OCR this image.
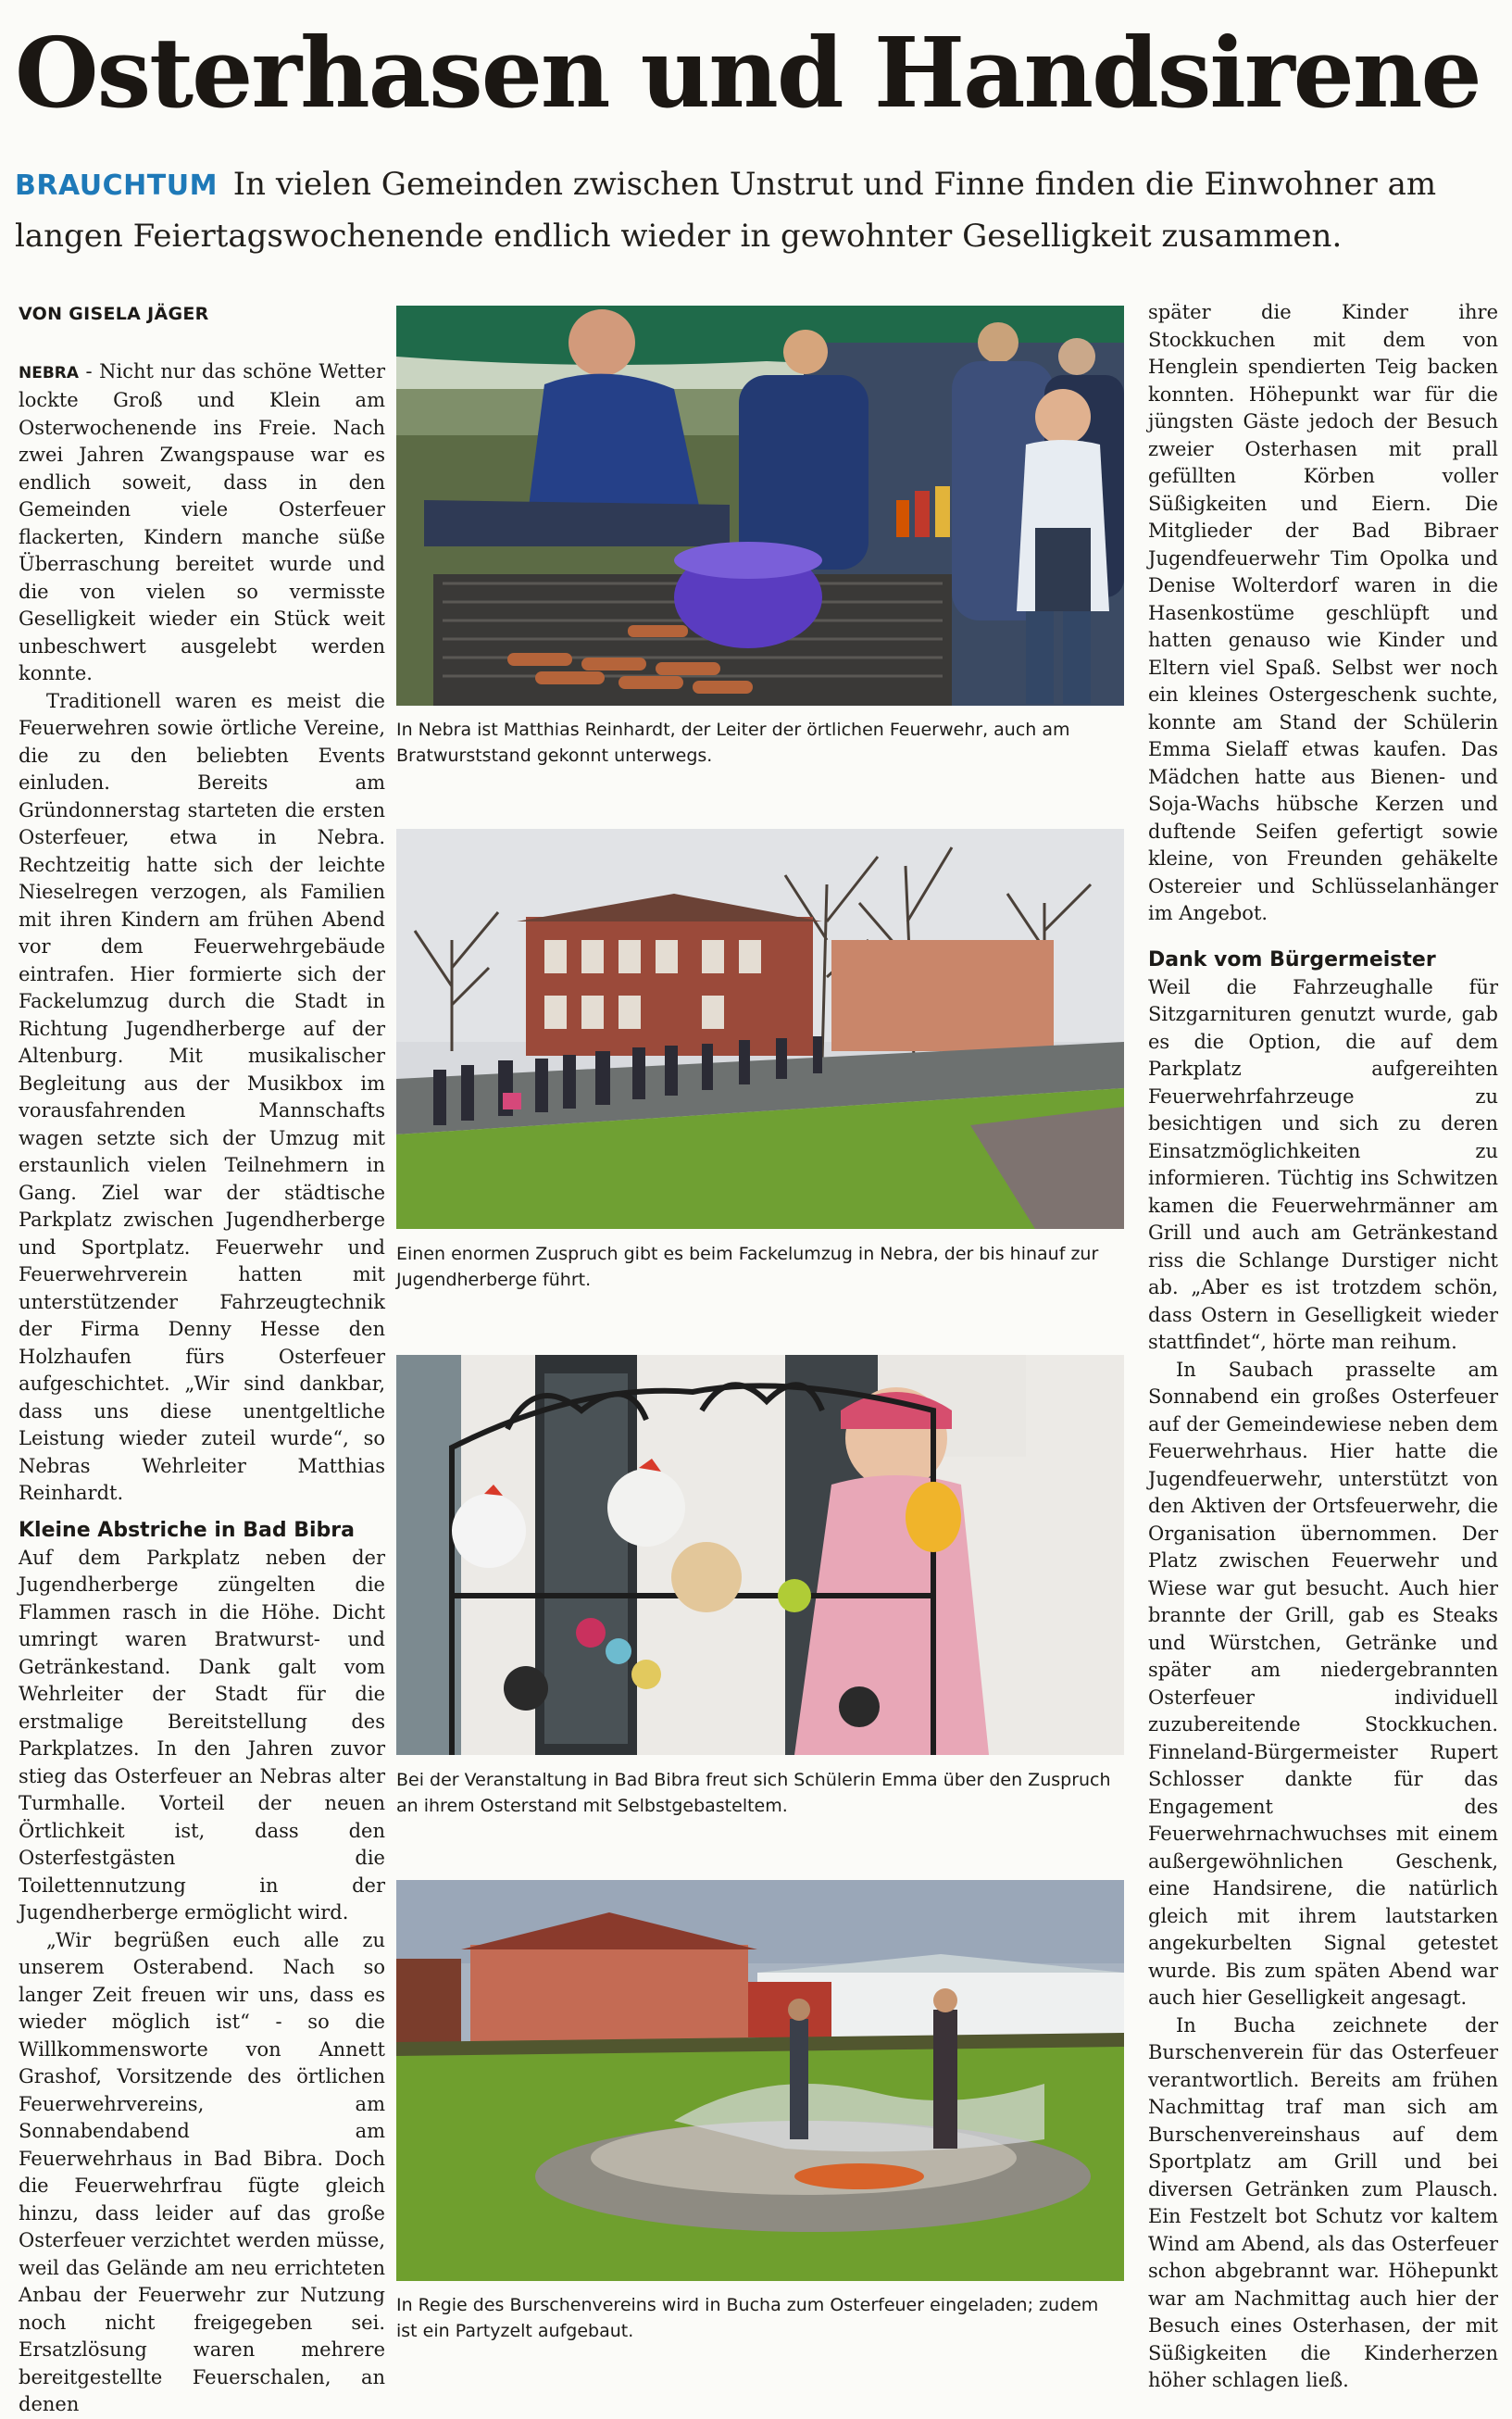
Osterhasen und Handsirene
BRAUCHTUM In vielen Gemeinden zwischen Unstrut und Finne finden die Einwohner am langen Feiertagswochenende endlich wieder in gewohnter Geselligkeit zusammen.
VON GISELA JÄGER

NEBRA - Nicht nur das schöne Wetter lockte Groß und Klein am Osterwochenende ins Freie. Nach zwei Jahren Zwangspause war es endlich soweit, dass in den Gemeinden viele Osterfeuer flackerten, Kindern manche süße Überraschung bereitet wurde und die von vielen so vermisste Geselligkeit wieder ein Stück weit unbeschwert ausgelebt werden konnte.

Traditionell waren es meist die Feuerwehren sowie örtliche Vereine, die zu den beliebten Events einluden. Bereits am Gründonnerstag starteten die ersten Osterfeuer, etwa in Nebra. Rechtzeitig hatte sich der leichte Nieselregen verzogen, als Familien mit ihren Kindern am frühen Abend vor dem Feuerwehrgebäude eintrafen. Hier formierte sich der Fackelumzug durch die Stadt in Richtung Jugendherberge auf der Altenburg. Mit musikalischer Begleitung aus der Musikbox im vorausfahrenden Mannschafts wagen setzte sich der Umzug mit erstaunlich vielen Teilnehmern in Gang. Ziel war der städtische Parkplatz zwischen Jugendherberge und Sportplatz. Feuerwehr und Feuerwehrverein hatten mit unterstützender Fahrzeugtechnik der Firma Denny Hesse den Holzhaufen fürs Osterfeuer aufgeschichtet. „Wir sind dankbar, dass uns diese unentgeltliche Leistung wieder zuteil wurde“, so Nebras Wehrleiter Matthias Reinhardt.

Kleine Abstriche in Bad Bibra

Auf dem Parkplatz neben der Jugendherberge züngelten die Flammen rasch in die Höhe. Dicht umringt waren Bratwurst- und Getränkestand. Dank galt vom Wehrleiter der Stadt für die erstmalige Bereitstellung des Parkplatzes. In den Jahren zuvor stieg das Osterfeuer an Nebras alter Turmhalle. Vorteil der neuen Örtlichkeit ist, dass den Osterfestgästen die Toilettennutzung in der Jugendherberge ermöglicht wird.

„Wir begrüßen euch alle zu unserem Osterabend. Nach so langer Zeit freuen wir uns, dass es wieder möglich ist“ - so die Willkommensworte von Annett Grashof, Vorsitzende des örtlichen Feuerwehrvereins, am Sonnabendabend am Feuerwehrhaus in Bad Bibra. Doch die Feuerwehrfrau fügte gleich hinzu, dass leider auf das große Osterfeuer verzichtet werden müsse, weil das Gelände am neu errichteten Anbau der Feuerwehr zur Nutzung noch nicht freigegeben sei. Ersatzlösung waren mehrere bereitgestellte Feuerschalen, an denen

In Nebra ist Matthias Reinhardt, der Leiter der örtlichen Feuerwehr, auch am Bratwurststand gekonnt unterwegs.
Einen enormen Zuspruch gibt es beim Fackelumzug in Nebra, der bis hinauf zur Jugendherberge führt.
Bei der Veranstaltung in Bad Bibra freut sich Schülerin Emma über den Zuspruch an ihrem Osterstand mit Selbstgebasteltem.
In Regie des Burschenvereins wird in Bucha zum Osterfeuer eingeladen; zudem ist ein Partyzelt aufgebaut.

später die Kinder ihre Stockkuchen mit dem von Henglein spendierten Teig backen konnten. Höhepunkt war für die jüngsten Gäste jedoch der Besuch zweier Osterhasen mit prall gefüllten Körben voller Süßigkeiten und Eiern. Die Mitglieder der Bad Bibraer Jugendfeuerwehr Tim Opolka und Denise Wolterdorf waren in die Hasenkostüme geschlüpft und hatten genauso wie Kinder und Eltern viel Spaß. Selbst wer noch ein kleines Ostergeschenk suchte, konnte am Stand der Schülerin Emma Sielaff etwas kaufen. Das Mädchen hatte aus Bienen- und Soja-Wachs hübsche Kerzen und duftende Seifen gefertigt sowie kleine, von Freunden gehäkelte Ostereier und Schlüsselanhänger im Angebot.

Dank vom Bürgermeister

Weil die Fahrzeughalle für Sitzgarnituren genutzt wurde, gab es die Option, die auf dem Parkplatz aufgereihten Feuerwehrfahrzeuge zu besichtigen und sich zu deren Einsatzmöglichkeiten zu informieren. Tüchtig ins Schwitzen kamen die Feuerwehrmänner am Grill und auch am Getränkestand riss die Schlange Durstiger nicht ab. „Aber es ist trotzdem schön, dass Ostern in Geselligkeit wieder stattfindet“, hörte man reihum.

In Saubach prasselte am Sonnabend ein großes Osterfeuer auf der Gemeindewiese neben dem Feuerwehrhaus. Hier hatte die Jugendfeuerwehr, unterstützt von den Aktiven der Ortsfeuerwehr, die Organisation übernommen. Der Platz zwischen Feuerwehr und Wiese war gut besucht. Auch hier brannte der Grill, gab es Steaks und Würstchen, Getränke und später am niedergebrannten Osterfeuer individuell zuzubereitende Stockkuchen. Finneland-Bürgermeister Rupert Schlosser dankte für das Engagement des Feuerwehrnachwuchses mit einem außergewöhnlichen Geschenk, eine Handsirene, die natürlich gleich mit ihrem lautstarken angekurbelten Signal getestet wurde. Bis zum späten Abend war auch hier Geselligkeit angesagt.

In Bucha zeichnete der Burschenverein für das Osterfeuer verantwortlich. Bereits am frühen Nachmittag traf man sich am Burschenvereinshaus auf dem Sportplatz am Grill und bei diversen Getränken zum Plausch. Ein Festzelt bot Schutz vor kaltem Wind am Abend, als das Osterfeuer schon abgebrannt war. Höhepunkt war am Nachmittag auch hier der Besuch eines Osterhasen, der mit Süßigkeiten die Kinderherzen höher schlagen ließ.
